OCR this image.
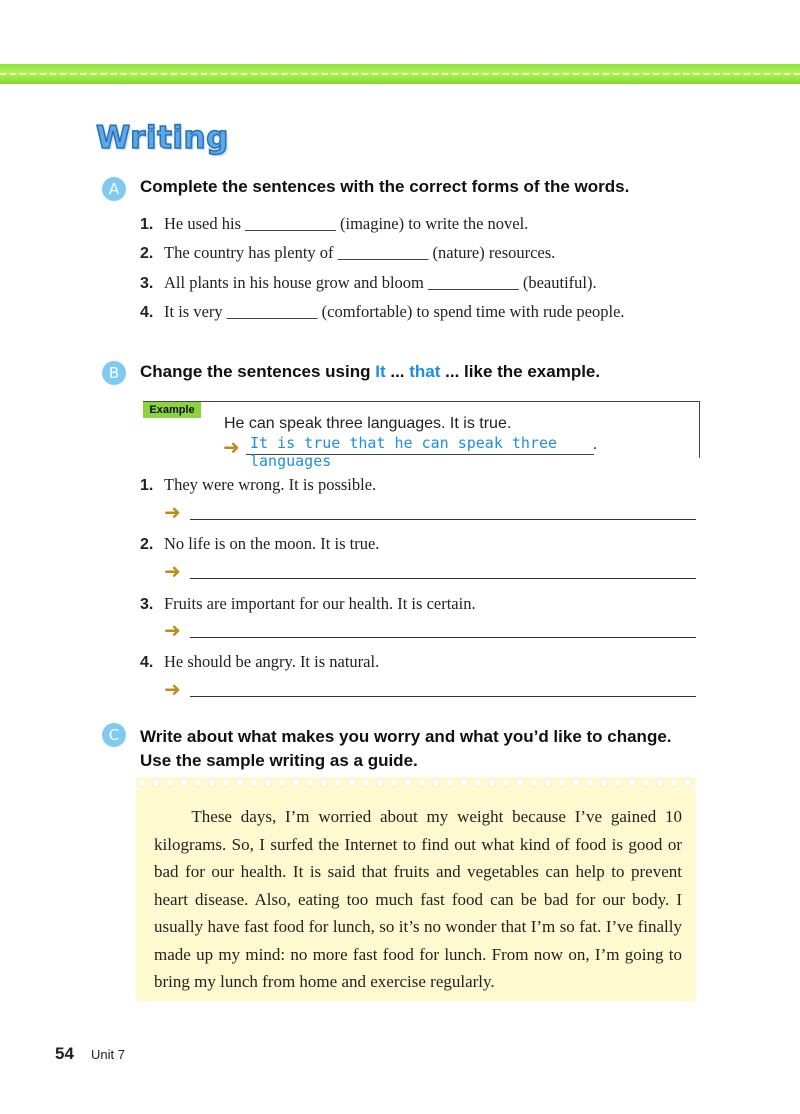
Writing
A	Complete the sentences with the correct forms of the words.
1. He used his ___________ (imagine) to write the novel.
2. The country has plenty of ___________ (nature) resources.
3. All plants in his house grow and bloom ___________ (beautiful).
4. It is very ___________ (comfortable) to spend time with rude people.
B	Change the sentences using It ... that ... like the example.
Example
He can speak three languages. It is true.
➜ It is true that he can speak three languages
.
1. They were wrong. It is possible.
➜
2. No life is on the moon. It is true.
➜
3. Fruits are important for our health. It is certain.
➜
4. He should be angry. It is natural.
➜
C	Write about what makes you worry and what you’d like to change.
Use the sample writing as a guide.

These days, I’m worried about my weight because I’ve gained 10 kilograms. So, I surfed the Internet to find out what kind of food is good or bad for our health. It is said that fruits and vegetables can help to prevent heart disease. Also, eating too much fast food can be bad for our body. I usually have fast food for lunch, so it’s no wonder that I’m so fat. I’ve finally made up my mind: no more fast food for lunch. From now on, I’m going to bring my lunch from home and exercise regularly.

54 Unit 7
